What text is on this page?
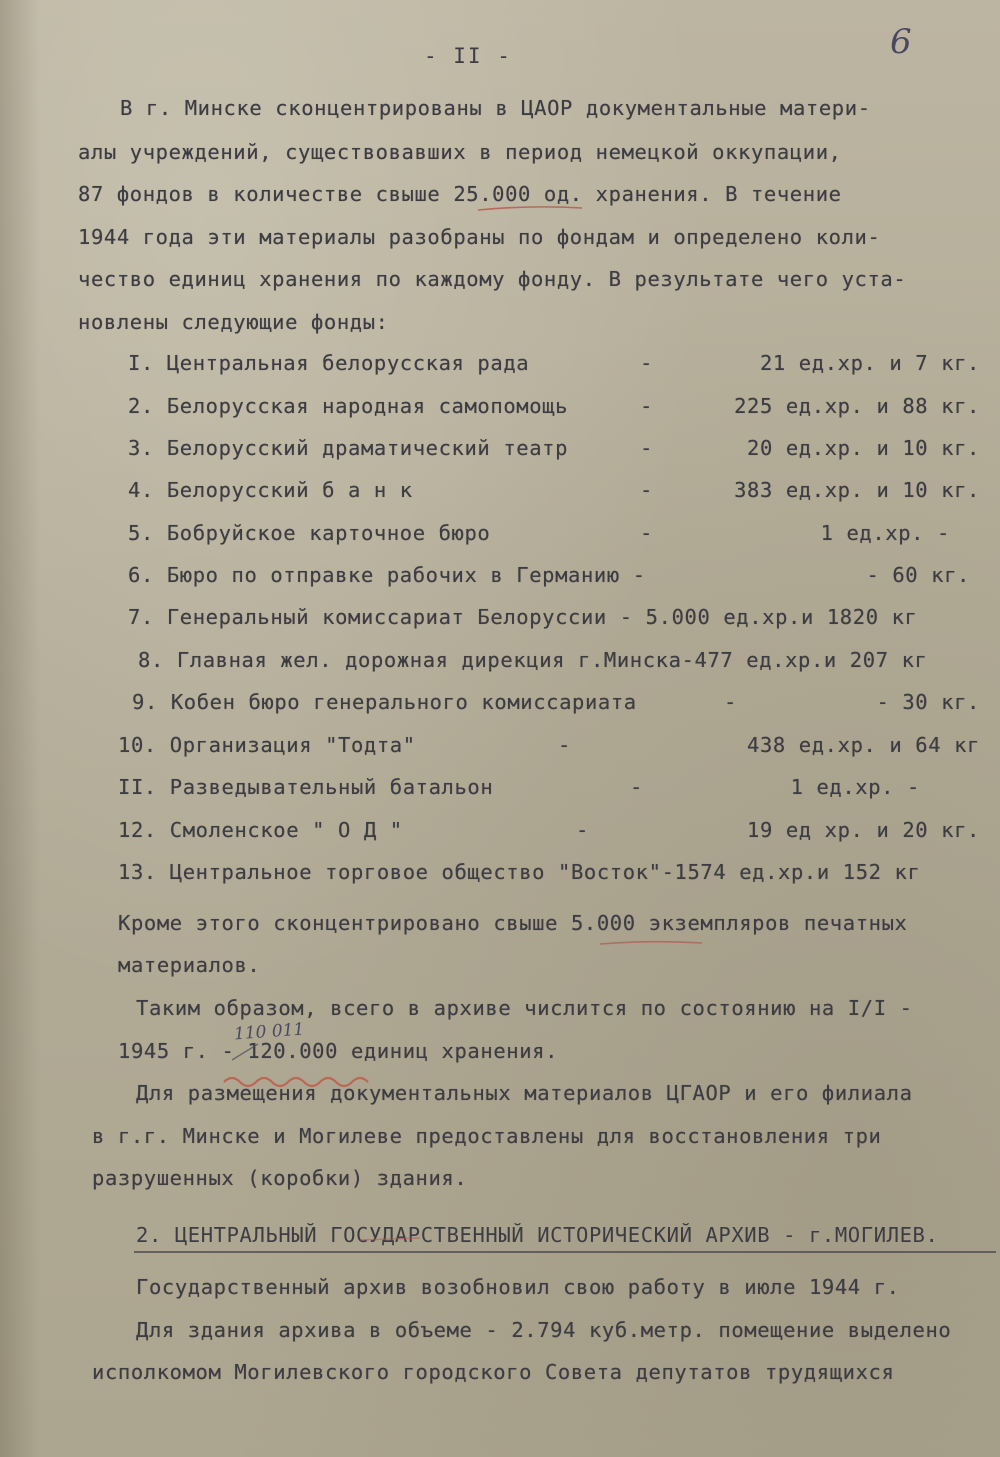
- II -	6
В г. Минске сконцентрированы в ЦАОР документальные матери-
алы учреждений, существовавших в период немецкой оккупации,
87 фондов в количестве свыше 25.000 од. хранения. В течение
1944 года эти материалы разобраны по фондам и определено коли-
чество единиц хранения по каждому фонду. В результате чего уста-
новлены следующие фонды:
I. Центральная белорусская рада	-	21 ед.хр. и 7 кг.
2. Белорусская народная самопомощь	-	225 ед.хр. и 88 кг.
3. Белорусский драматический театр	-	20 ед.хр. и 10 кг.
4. Белорусский б а н к	-	383 ед.хр. и 10 кг.
5. Бобруйское карточное бюро	-	1 ед.хр. -
6. Бюро по отправке рабочих в Германию -	- 60 кг.
7. Генеральный комиссариат Белоруссии - 5.000 ед.хр.и 1820 кг
8. Главная жел. дорожная дирекция г.Минска-477 ед.хр.и 207 кг
9. Кобен бюро генерального комиссариата	-	- 30 кг.
10. Организация "Тодта"	-	438 ед.хр. и 64 кг
II. Разведывательный батальон	-	1 ед.хр. -
12. Смоленское " О Д "	-	19 ед хр. и 20 кг.
13. Центральное торговое общество "Восток"-1574 ед.хр.и 152 кг
Кроме этого сконцентрировано свыше 5.000 экземпляров печатных
материалов.
Таким образом, всего в архиве числится по состоянию на I/I -
1945 г. - 120.000 единиц хранения.
110 011
Для размещения документальных материалов ЦГАОР и его филиала
в г.г. Минске и Могилеве предоставлены для восстановления три
разрушенных (коробки) здания.
2. ЦЕНТРАЛЬНЫЙ ГОСУДАРСТВЕННЫЙ ИСТОРИЧЕСКИЙ АРХИВ - г.МОГИЛЕВ.
Государственный архив возобновил свою работу в июле 1944 г.
Для здания архива в объеме - 2.794 куб.метр. помещение выделено
исполкомом Могилевского городского Совета депутатов трудящихся
